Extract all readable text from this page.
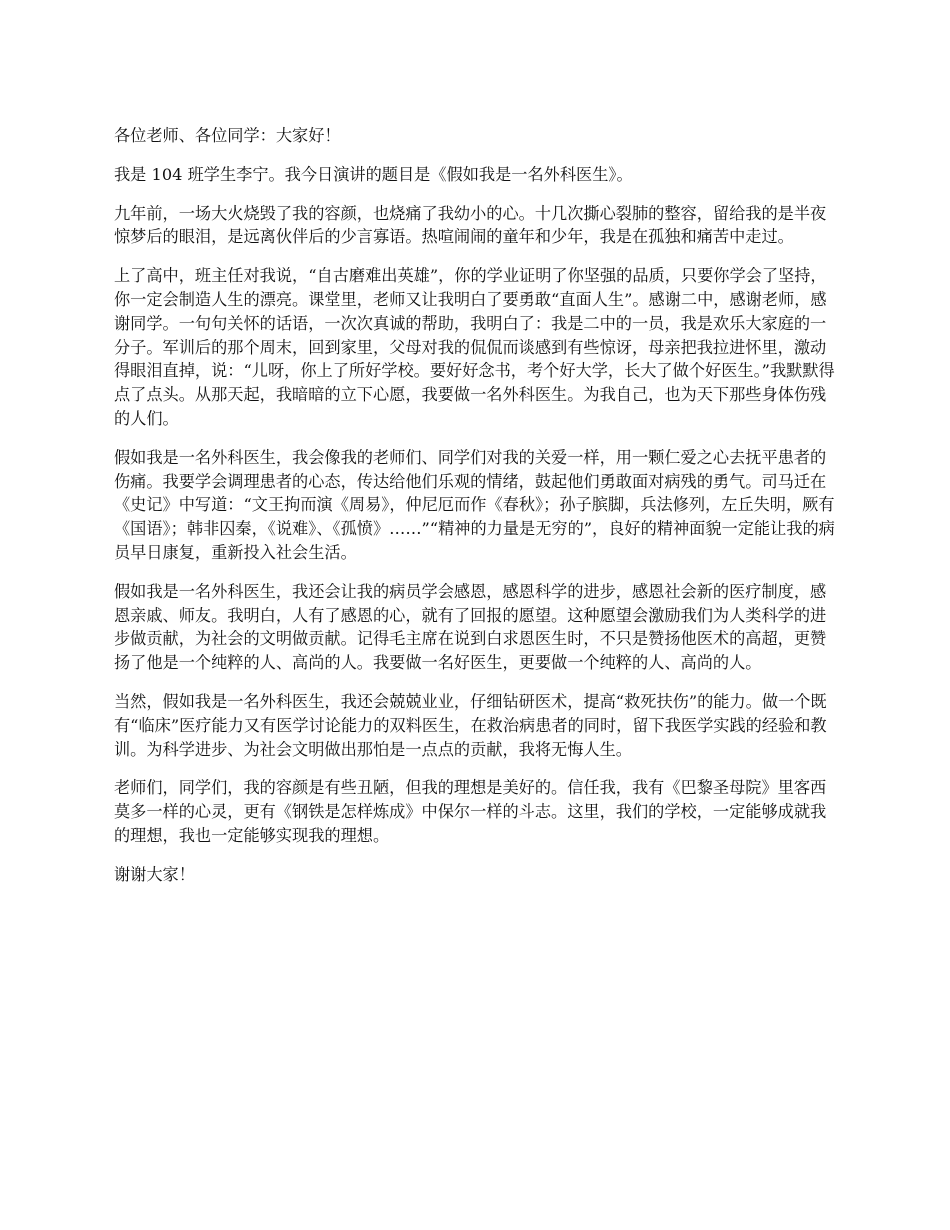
各位老师、各位同学：大家好！

我是 104 班学生李宁。我今日演讲的题目是《假如我是一名外科医生》。

九年前，一场大火烧毁了我的容颜，也烧痛了我幼小的心。十几次撕心裂肺的整容，留给我的是半夜惊梦后的眼泪，是远离伙伴后的少言寡语。热喧闹闹的童年和少年，我是在孤独和痛苦中走过。

上了高中，班主任对我说，“自古磨难出英雄”，你的学业证明了你坚强的品质，只要你学会了坚持，你一定会制造人生的漂亮。课堂里，老师又让我明白了要勇敢“直面人生”。感谢二中，感谢老师，感谢同学。一句句关怀的话语，一次次真诚的帮助，我明白了：我是二中的一员，我是欢乐大家庭的一分子。军训后的那个周末，回到家里，父母对我的侃侃而谈感到有些惊讶，母亲把我拉进怀里，激动得眼泪直掉，说：“儿呀，你上了所好学校。要好好念书，考个好大学，长大了做个好医生。”我默默得点了点头。从那天起，我暗暗的立下心愿，我要做一名外科医生。为我自己，也为天下那些身体伤残的人们。

假如我是一名外科医生，我会像我的老师们、同学们对我的关爱一样，用一颗仁爱之心去抚平患者的伤痛。我要学会调理患者的心态，传达给他们乐观的情绪，鼓起他们勇敢面对病残的勇气。司马迁在《史记》中写道：“文王拘而演《周易》，仲尼厄而作《春秋》；孙子膑脚，兵法修列，左丘失明，厥有《国语》；韩非囚秦，《说难》、《孤愤》……”“精神的力量是无穷的”，良好的精神面貌一定能让我的病员早日康复，重新投入社会生活。

假如我是一名外科医生，我还会让我的病员学会感恩，感恩科学的进步，感恩社会新的医疗制度，感恩亲戚、师友。我明白，人有了感恩的心，就有了回报的愿望。这种愿望会激励我们为人类科学的进步做贡献，为社会的文明做贡献。记得毛主席在说到白求恩医生时，不只是赞扬他医术的高超，更赞扬了他是一个纯粹的人、高尚的人。我要做一名好医生，更要做一个纯粹的人、高尚的人。

当然，假如我是一名外科医生，我还会兢兢业业，仔细钻研医术，提高“救死扶伤”的能力。做一个既有“临床”医疗能力又有医学讨论能力的双料医生，在救治病患者的同时，留下我医学实践的经验和教训。为科学进步、为社会文明做出那怕是一点点的贡献，我将无悔人生。

老师们，同学们，我的容颜是有些丑陋，但我的理想是美好的。信任我，我有《巴黎圣母院》里客西莫多一样的心灵，更有《钢铁是怎样炼成》中保尔一样的斗志。这里，我们的学校，一定能够成就我的理想，我也一定能够实现我的理想。

谢谢大家！
